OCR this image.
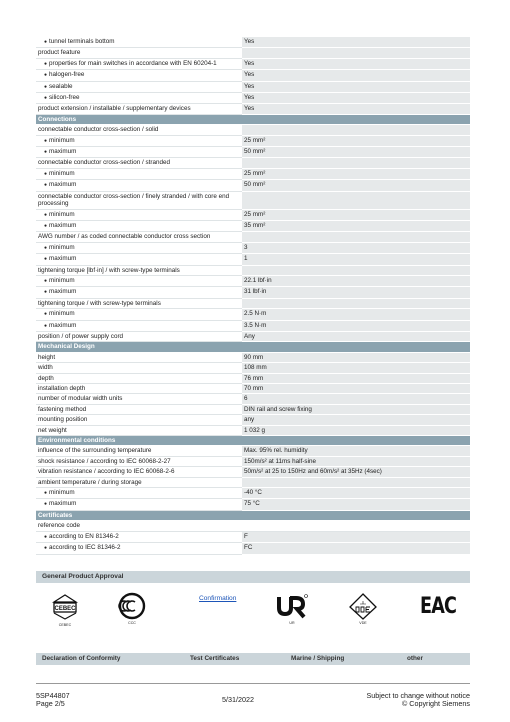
● tunnel terminals bottom	Yes
product feature	
● properties for main switches in accordance with EN 60204-1	Yes
● halogen-free	Yes
● sealable	Yes
● silicon-free	Yes
product extension / installable / supplementary devices	Yes
Connections	
connectable conductor cross-section / solid	
● minimum	25 mm²
● maximum	50 mm²
connectable conductor cross-section / stranded	
● minimum	25 mm²
● maximum	50 mm²
connectable conductor cross-section / finely stranded / with core end processing	
● minimum	25 mm²
● maximum	35 mm²
AWG number / as coded connectable conductor cross section	
● minimum	3
● maximum	1
tightening torque [lbf·in] / with screw-type terminals	
● minimum	22.1 lbf·in
● maximum	31 lbf·in
tightening torque / with screw-type terminals	
● minimum	2.5 N·m
● maximum	3.5 N·m
position / of power supply cord	Any
Mechanical Design	
height	90 mm
width	108 mm
depth	76 mm
installation depth	70 mm
number of modular width units	6
fastening method	DIN rail and screw fixing
mounting position	any
net weight	1 032 g
Environmental conditions	
influence of the surrounding temperature	Max. 95% rel. humidity
shock resistance / according to IEC 60068-2-27	150m/s² at 11ms half-sine
vibration resistance / according to IEC 60068-2-6	50m/s² at 25 to 150Hz and 60m/s² at 35Hz (4sec)
ambient temperature / during storage	
● minimum	-40 °C
● maximum	75 °C
Certificates	
reference code	
● according to EN 81346-2	F
● according to IEC 81346-2	FC
General Product Approval
CEBEC
CEBEC	CCC
Confirmation
UR	VDE
EAC
Declaration of Conformity	Test Certificates	Marine / Shipping	other
5SP44807
Page 2/5	5/31/2022	Subject to change without notice
© Copyright Siemens
